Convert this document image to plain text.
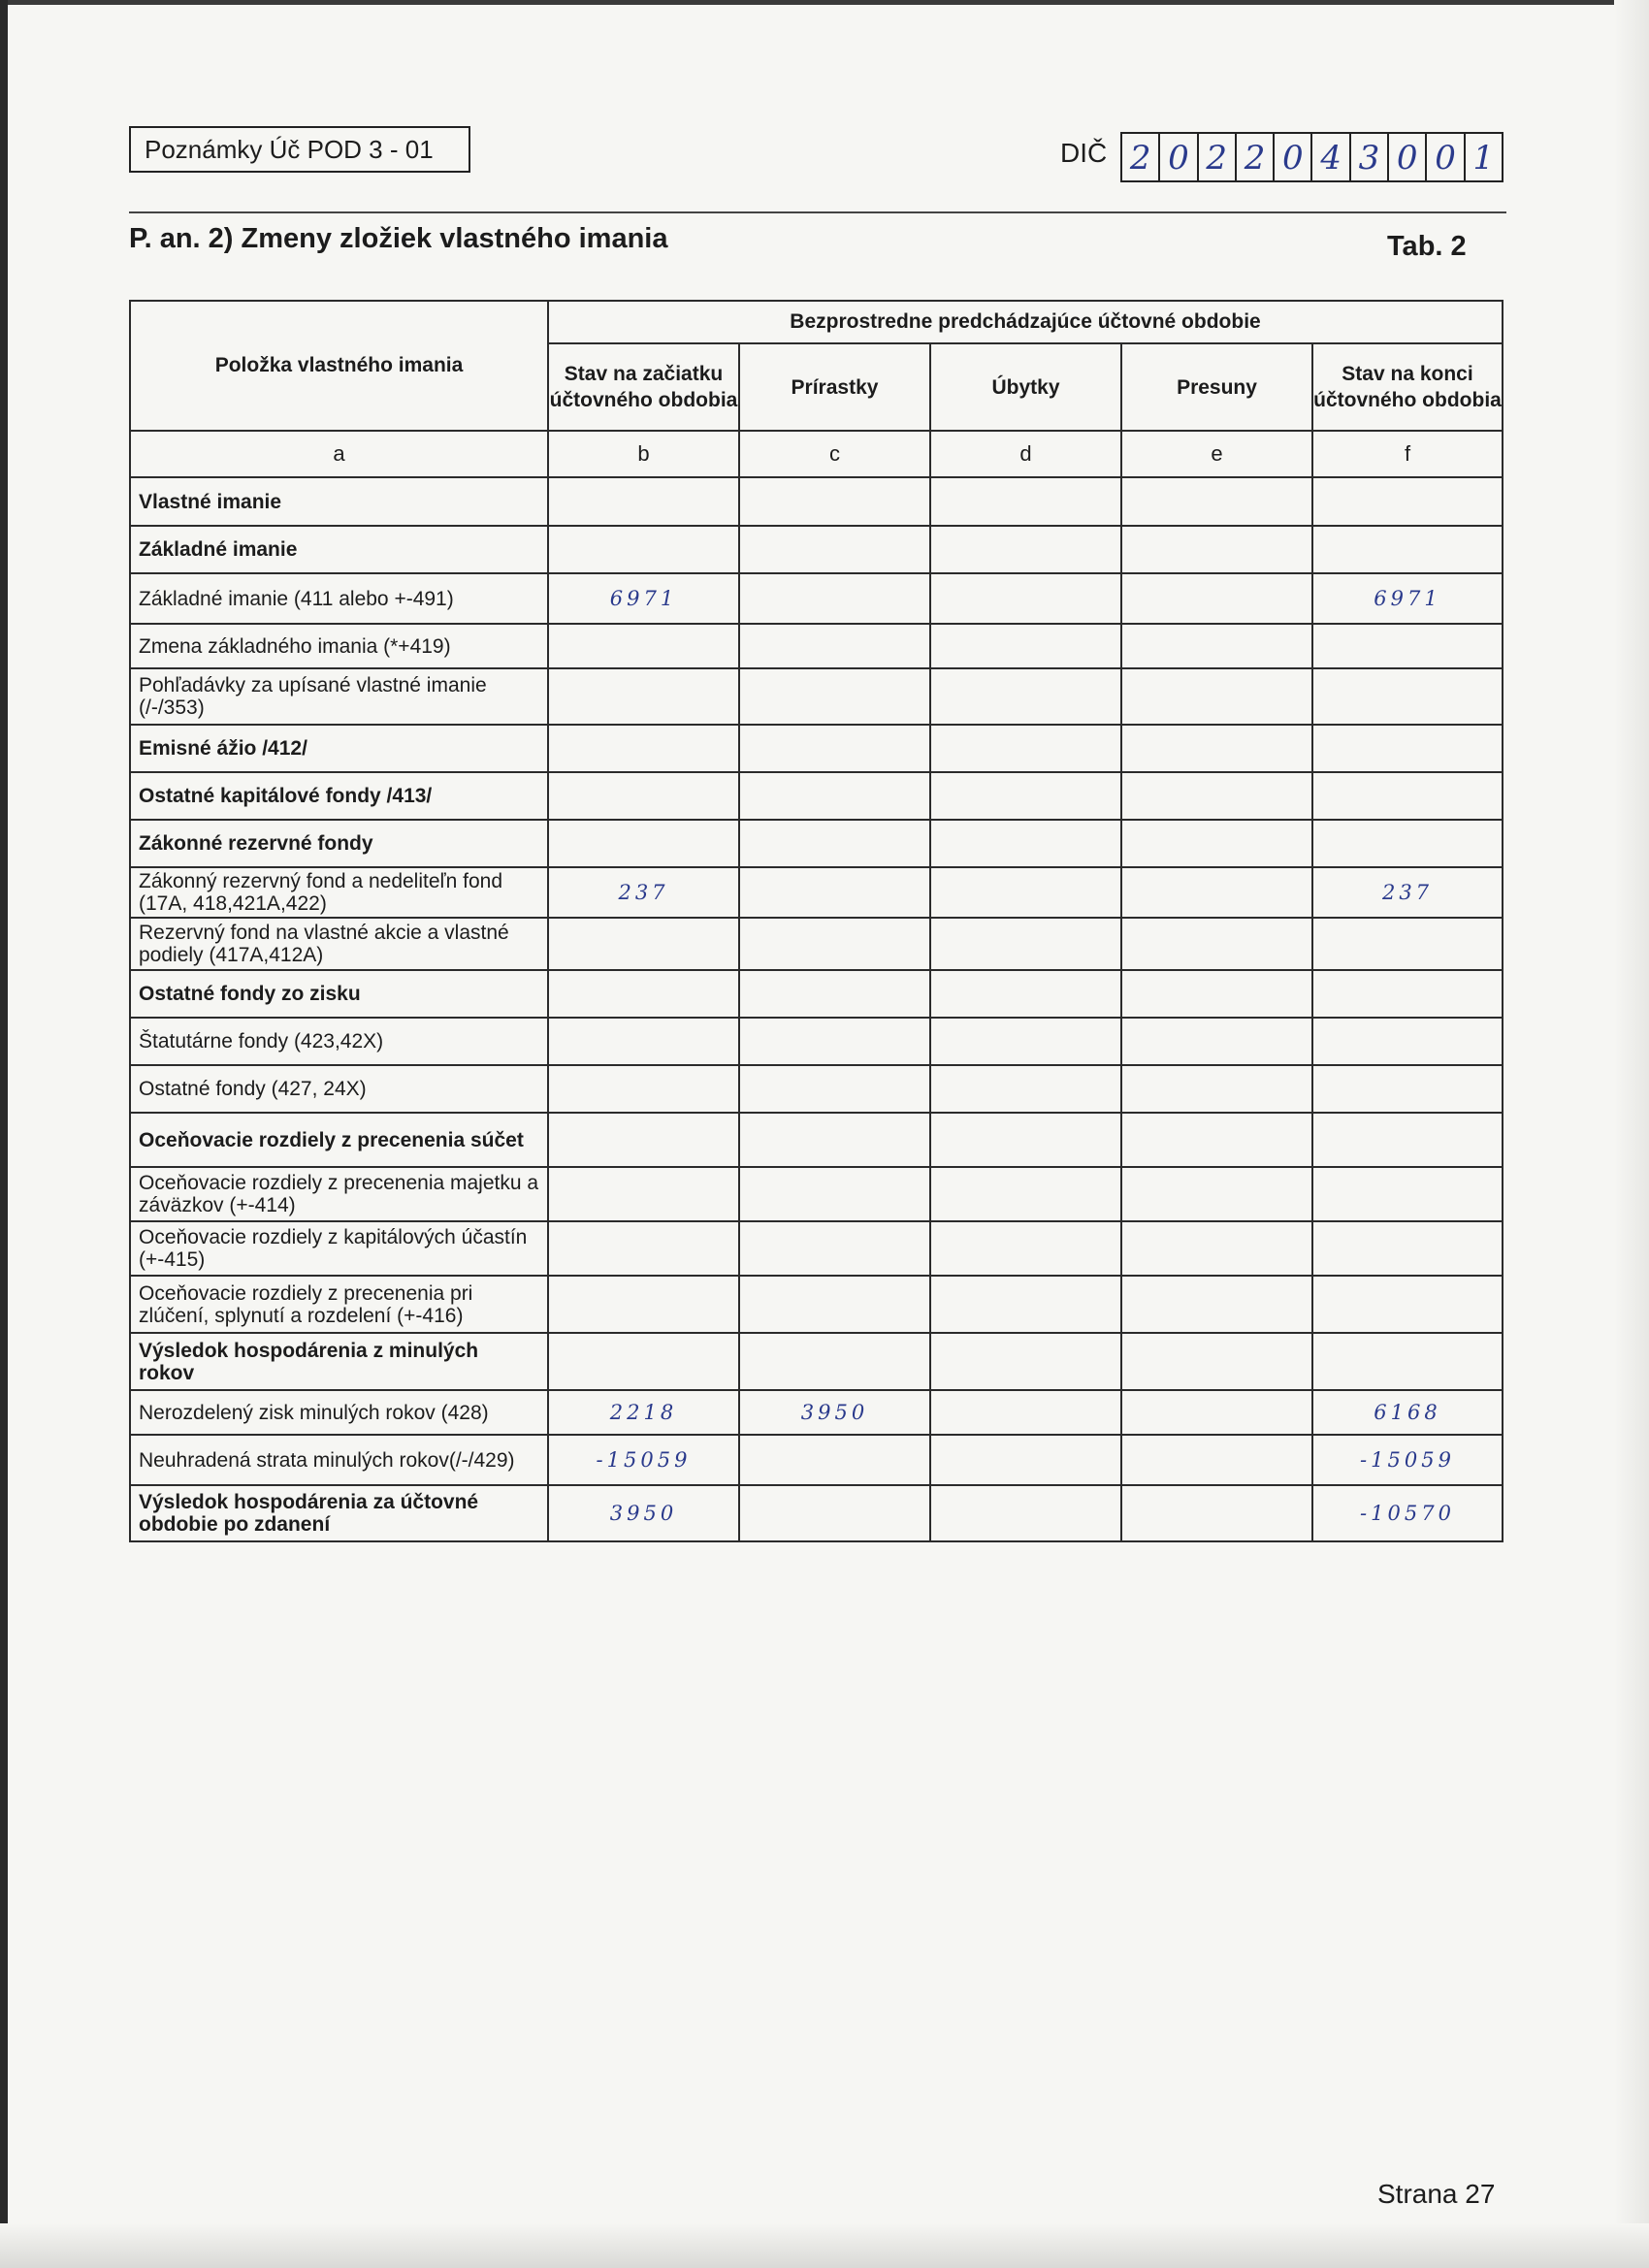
Poznámky Úč POD 3 - 01	DIČ 2 0 2 2 0 4 3 0 0 1
P. an. 2) Zmeny zložiek vlastného imania	Tab. 2
Položka vlastného imania	Bezprostredne predchádzajúce účtovné obdobie				
	Stav na začiatku účtovného obdobia	Prírastky	Úbytky	Presuny	Stav na konci účtovného obdobia
a	b	c	d	e	f
Vlastné imanie					
Základné imanie					
Základné imanie (411 alebo +-491)	6971				6971
Zmena základného imania (*+419)					
Pohľadávky za upísané vlastné imanie (/-/353)					
Emisné ážio /412/					
Ostatné kapitálové fondy /413/					
Zákonné rezervné fondy					
Zákonný rezervný fond a nedeliteľn fond (17A, 418,421A,422)	237				237
Rezervný fond na vlastné akcie a vlastné podiely (417A,412A)					
Ostatné fondy zo zisku					
Štatutárne fondy (423,42X)					
Ostatné fondy (427, 24X)					
Oceňovacie rozdiely z precenenia súčet					
Oceňovacie rozdiely z precenenia majetku a záväzkov (+-414)					
Oceňovacie rozdiely z kapitálových účastín (+-415)					
Oceňovacie rozdiely z precenenia pri zlúčení, splynutí a rozdelení (+-416)					
Výsledok hospodárenia z minulých rokov					
Nerozdelený zisk minulých rokov (428)	2218	3950			6168
Neuhradená strata minulých rokov(/-/429)	-15059				-15059
Výsledok hospodárenia za účtovné obdobie po zdanení	3950				-10570
Strana 27
